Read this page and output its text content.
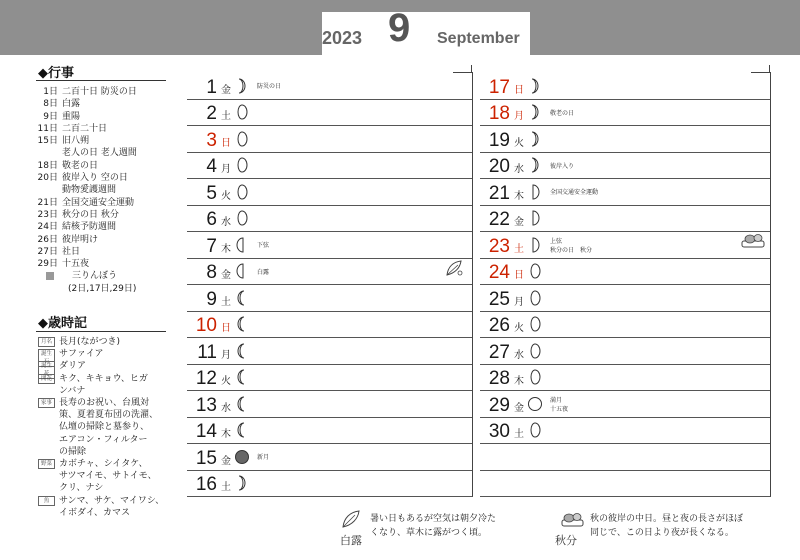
2023 9 September
◆行事
1日 二百十日 防災の日
8日 白露
9日 重陽
11日 二百二十日
15日 旧八朔
老人の日 老人週間
18日 敬老の日
20日 彼岸入り 空の日
動物愛護週間
21日 全国交通安全運動
23日 秋分の日 秋分
24日 結核予防週間
26日 彼岸明け
27日 社日
29日 十五夜
三りんぼう
(2日,17日,29日)
◆歳時記
月名 長月(ながつき)
誕生石
サファイア
誕生花
ダリア
開花 キク、キキョウ、ヒガ
ンバナ
家事 長寿のお祝い、台風対
策、夏着夏布団の洗濯、
仏壇の掃除と墓参り、
エアコン・フィルター
の掃除
野菜 カボチャ、シイタケ、
サツマイモ、サトイモ、
クリ、ナシ
魚	サンマ、サケ、マイワシ、
イボダイ、カマス
1 金	防災の日
2 土
3 日
4 月
5 火
6 水
7 木	下弦
8 金	白露
9 土
10 日
11 月
12 火
13 水
14 木
15 金	新月
16 土
17 日
18 月	敬老の日
19 火
20 水	彼岸入り
21 木	全国交通安全運動
22 金
23 土
上弦
秋分の日　秋分
24 日
25 月
26 火
27 水
28 木
29 金
満月
十五夜
30 土
白露
暑い日もあるが空気は朝夕冷た
くなり、草木に露がつく頃。
秋分
秋の彼岸の中日。昼と夜の長さがほぼ
同じで、この日より夜が長くなる。
